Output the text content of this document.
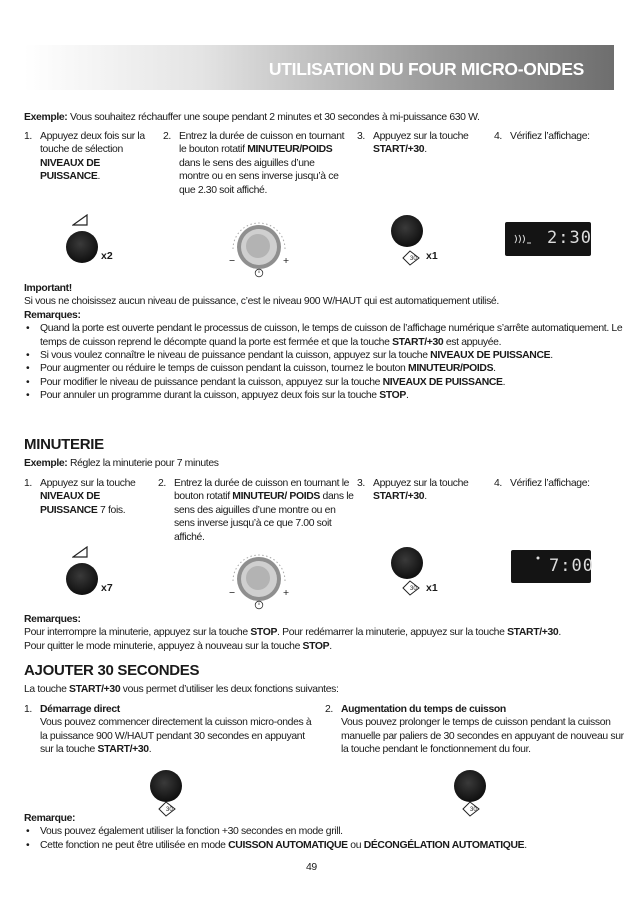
UTILISATION DU FOUR MICRO-ONDES
Exemple: Vous souhaitez réchauffer une soupe pendant 2 minutes et 30 secondes à mi-puissance 630 W.
1. Appuyez deux fois sur la touche de sélection NIVEAUX DE PUISSANCE.
2. Entrez la durée de cuisson en tournant le bouton rotatif MINUTEUR/POIDS dans le sens des aiguilles d’une montre ou en sens inverse jusqu’à ce que 2.30 soit affiché.
3. Appuyez sur la touche START/+30.
4. Vérifiez l’affichage:
x2	−	+	30 x1
2:30
Important!
Si vous ne choisissez aucun niveau de puissance, c’est le niveau 900 W/HAUT qui est automatiquement utilisé.
Remarques:
• Quand la porte est ouverte pendant le processus de cuisson, le temps de cuisson de l’affichage numérique s’arrête automatiquement. Le temps de cuisson reprend le décompte quand la porte est fermée et que la touche START/+30 est appuyée.
• Si vous voulez connaître le niveau de puissance pendant la cuisson, appuyez sur la touche NIVEAUX DE PUISSANCE.
• Pour augmenter ou réduire le temps de cuisson pendant la cuisson, tournez le bouton MINUTEUR/POIDS.
• Pour modifier le niveau de puissance pendant la cuisson, appuyez sur la touche NIVEAUX DE PUISSANCE.
• Pour annuler un programme durant la cuisson, appuyez deux fois sur la touche STOP.
MINUTERIE
Exemple: Réglez la minuterie pour 7 minutes
1. Appuyez sur la touche NIVEAUX DE PUISSANCE 7 fois.
2. Entrez la durée de cuisson en tournant le bouton rotatif MINUTEUR/ POIDS dans le sens des aiguilles d’une montre ou en sens inverse jusqu’à ce que 7.00 soit affiché.
3. Appuyez sur la touche START/+30.
4. Vérifiez l’affichage:
x7	−	+	30 x1
7:00
Remarques:
Pour interrompre la minuterie, appuyez sur la touche STOP. Pour redémarrer la minuterie, appuyez sur la touche START/+30.
Pour quitter le mode minuterie, appuyez à nouveau sur la touche STOP.
AJOUTER 30 SECONDES
La touche START/+30 vous permet d’utiliser les deux fonctions suivantes:
1. Démarrage direct
Vous pouvez commencer directement la cuisson micro-ondes à la puissance 900 W/HAUT pendant 30 secondes en appuyant sur la touche START/+30.
2. Augmentation du temps de cuisson
Vous pouvez prolonger le temps de cuisson pendant la cuisson manuelle par paliers de 30 secondes en appuyant de nouveau sur la touche pendant le fonctionnement du four.
30	30
Remarque:
• Vous pouvez également utiliser la fonction +30 secondes en mode grill.
• Cette fonction ne peut être utilisée en mode CUISSON AUTOMATIQUE ou DÉCONGÉLATION AUTOMATIQUE.
49
